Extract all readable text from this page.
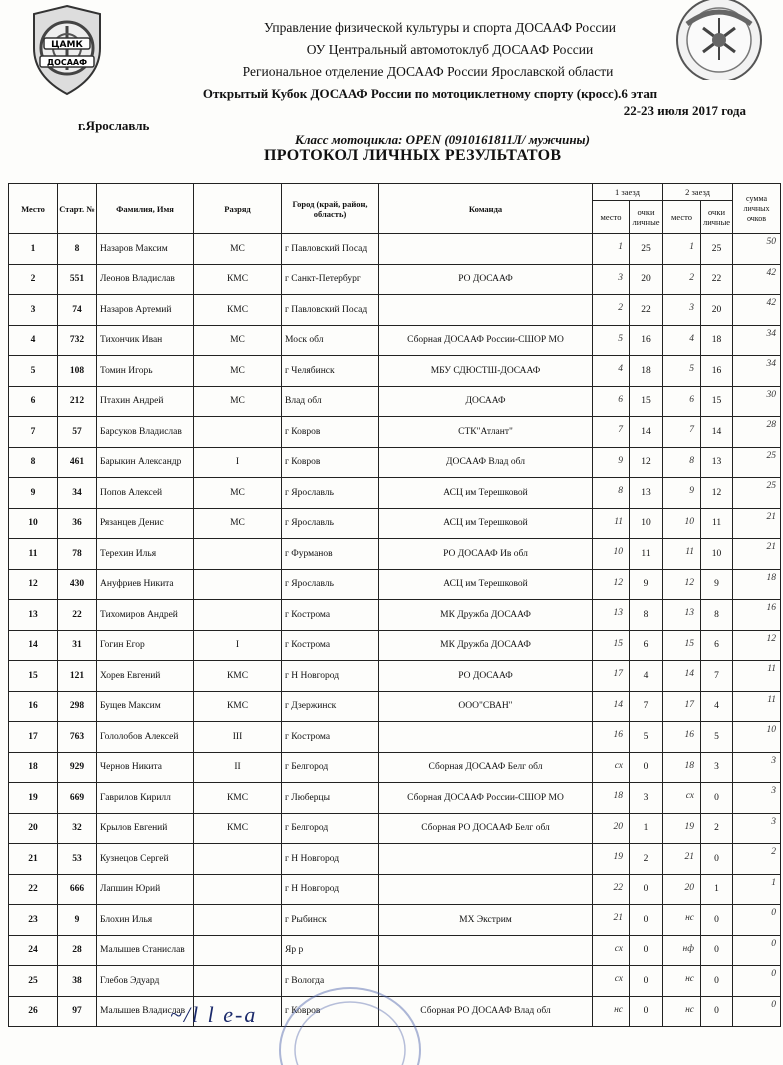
ЦАМК
ДОСААФ
Управление физической культуры и спорта ДОСААФ России
ОУ Центральный автомотоклуб ДОСААФ России
Региональное отделение ДОСААФ России Ярославской области
Открытый Кубок ДОСААФ России по мотоциклетному спорту (кросс).6 этап
22-23 июля 2017 года
г.Ярославль
Класс мотоцикла: OPEN (0910161811Л/ мужчины)
ПРОТОКОЛ ЛИЧНЫХ РЕЗУЛЬТАТОВ
Место	Старт. №	Фамилия, Имя	Разряд	Город (край, район, область)	Команда	1 заезд		2 заезд		сумма личных очков
						место	очки личные	место	очки личные	
1	8	Назаров Максим	МС	г Павловский Посад		1	25	1	25	50
2	551	Леонов Владислав	КМС	г Санкт-Петербург	РО ДОСААФ	3	20	2	22	42
3	74	Назаров Артемий	КМС	г Павловский Посад		2	22	3	20	42
4	732	Тихончик Иван	МС	Моск обл	Сборная ДОСААФ России-СШОР МО	5	16	4	18	34
5	108	Томин Игорь	МС	г Челябинск	МБУ СДЮСТШ-ДОСААФ	4	18	5	16	34
6	212	Птахин Андрей	МС	Влад обл	ДОСААФ	6	15	6	15	30
7	57	Барсуков Владислав		г Ковров	СТК"Атлант"	7	14	7	14	28
8	461	Барыкин Александр	I	г Ковров	ДОСААФ Влад обл	9	12	8	13	25
9	34	Попов Алексей	МС	г Ярославль	АСЦ им Терешковой	8	13	9	12	25
10	36	Рязанцев Денис	МС	г Ярославль	АСЦ им Терешковой	11	10	10	11	21
11	78	Терехин Илья		г Фурманов	РО ДОСААФ Ив обл	10	11	11	10	21
12	430	Ануфриев Никита		г Ярославль	АСЦ им Терешковой	12	9	12	9	18
13	22	Тихомиров Андрей		г Кострома	МК Дружба ДОСААФ	13	8	13	8	16
14	31	Гогин Егор	I	г Кострома	МК Дружба ДОСААФ	15	6	15	6	12
15	121	Хорев Евгений	КМС	г Н Новгород	РО ДОСААФ	17	4	14	7	11
16	298	Бущев Максим	КМС	г Дзержинск	ООО"СВАН"	14	7	17	4	11
17	763	Гололобов Алексей	III	г Кострома		16	5	16	5	10
18	929	Чернов Никита	II	г Белгород	Сборная ДОСААФ Белг обл	сх	0	18	3	3
19	669	Гаврилов Кирилл	КМС	г Люберцы	Сборная ДОСААФ России-СШОР МО	18	3	сх	0	3
20	32	Крылов Евгений	КМС	г Белгород	Сборная РО ДОСААФ Белг обл	20	1	19	2	3
21	53	Кузнецов Сергей		г Н Новгород		19	2	21	0	2
22	666	Лапшин Юрий		г Н Новгород		22	0	20	1	1
23	9	Блохин Илья		г Рыбинск	МХ Экстрим	21	0	нс	0	0
24	28	Малышев Станислав		Яр р		сх	0	нф	0	0
25	38	Глебов Эдуард		г Вологда		сх	0	нс	0	0
26	97	Малышев Владислав		г Ковров	Сборная РО ДОСААФ Влад обл	нс	0	нс	0	0
~/l l e-a
